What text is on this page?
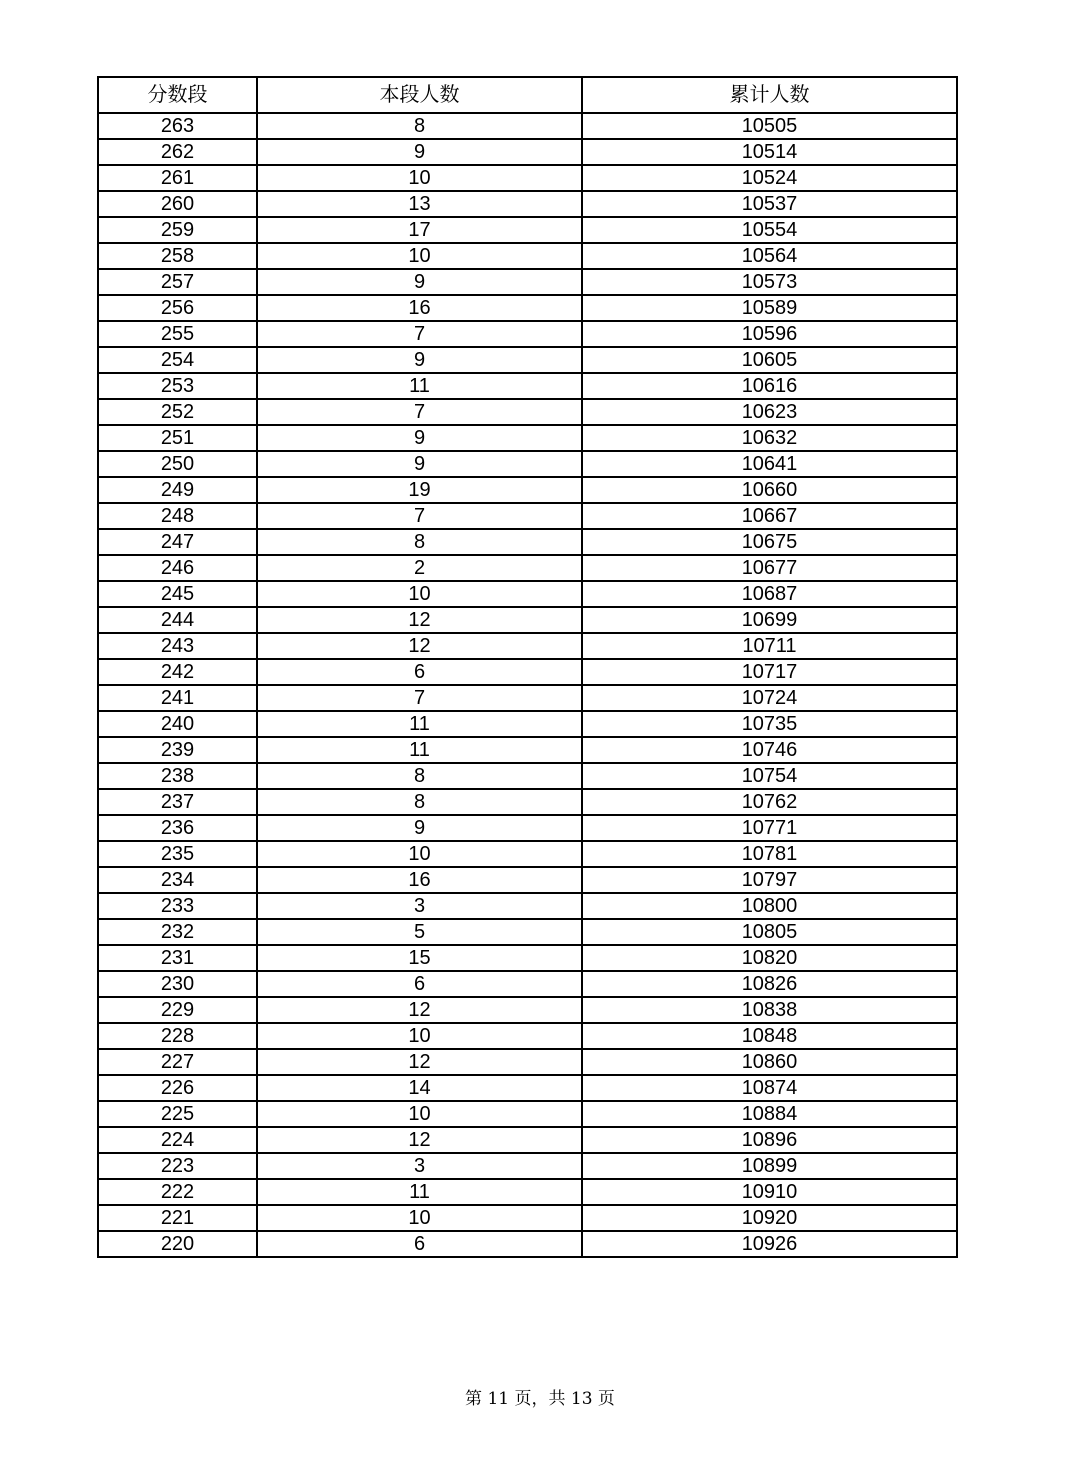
分数段	本段人数	累计人数
263	8	10505
262	9	10514
261	10	10524
260	13	10537
259	17	10554
258	10	10564
257	9	10573
256	16	10589
255	7	10596
254	9	10605
253	11	10616
252	7	10623
251	9	10632
250	9	10641
249	19	10660
248	7	10667
247	8	10675
246	2	10677
245	10	10687
244	12	10699
243	12	10711
242	6	10717
241	7	10724
240	11	10735
239	11	10746
238	8	10754
237	8	10762
236	9	10771
235	10	10781
234	16	10797
233	3	10800
232	5	10805
231	15	10820
230	6	10826
229	12	10838
228	10	10848
227	12	10860
226	14	10874
225	10	10884
224	12	10896
223	3	10899
222	11	10910
221	10	10920
220	6	10926
第 11 页，共 13 页
